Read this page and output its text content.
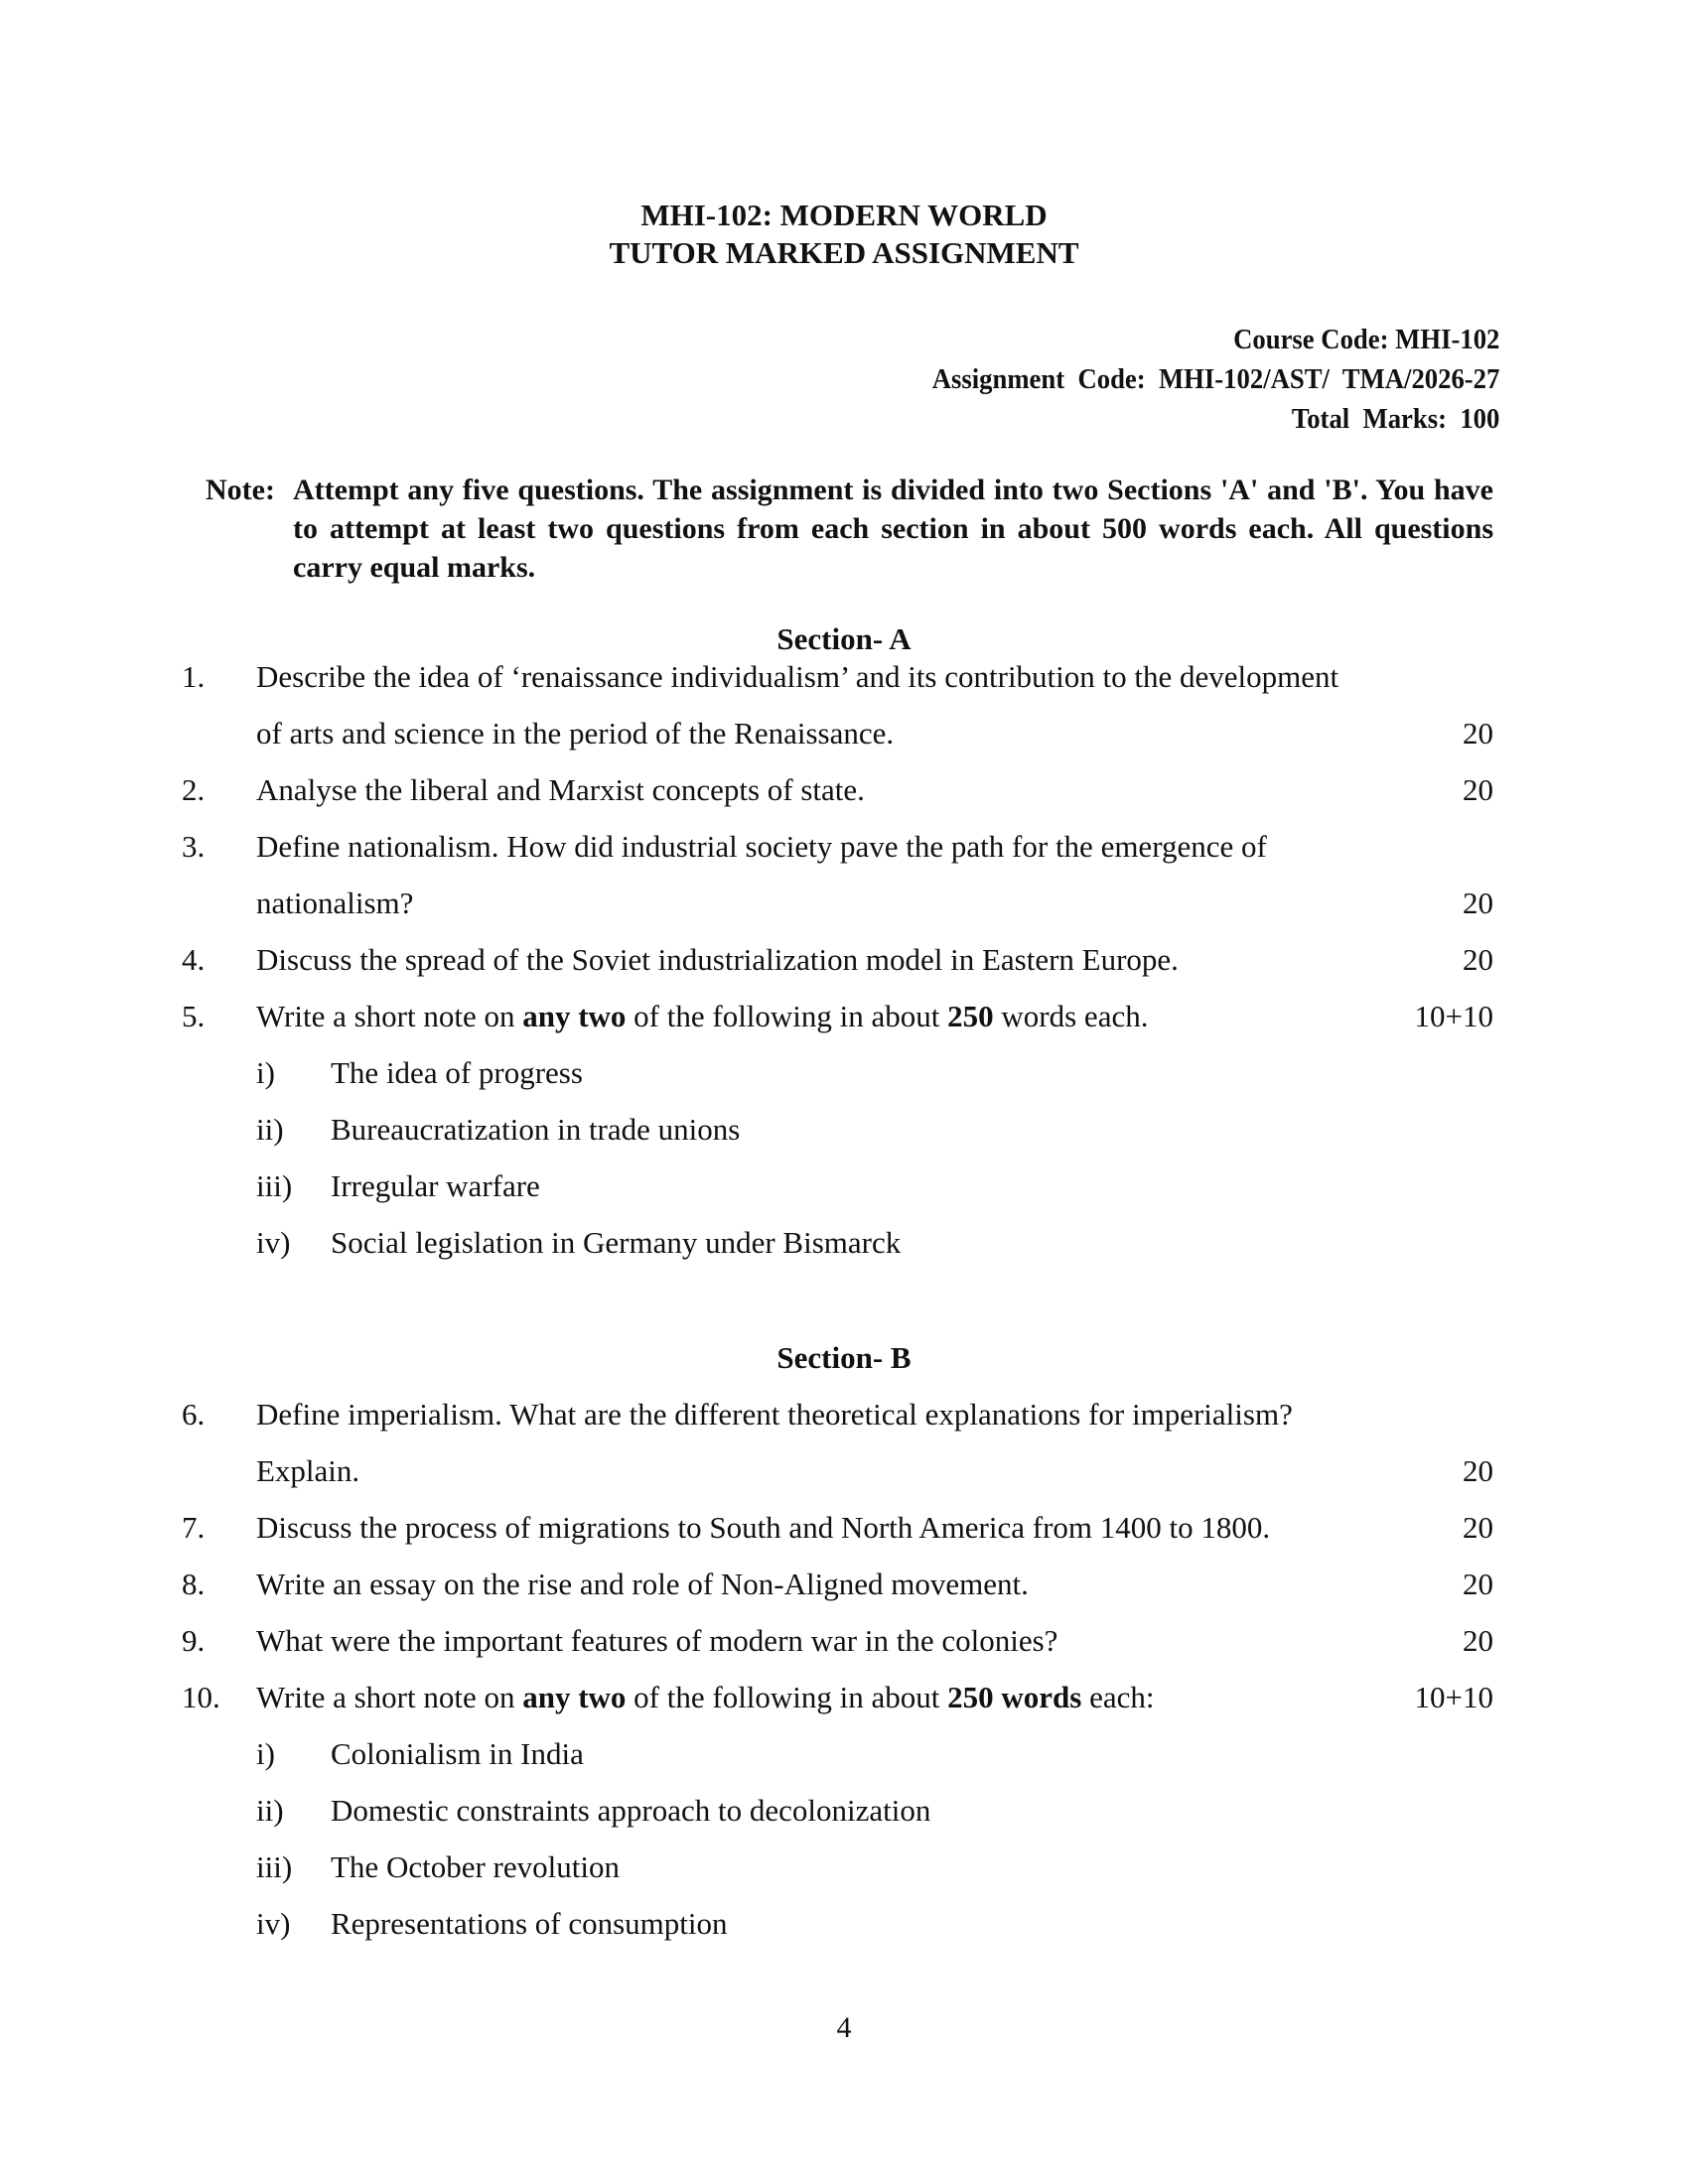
MHI-102: MODERN WORLD
TUTOR MARKED ASSIGNMENT
Course Code: MHI-102
Assignment  Code:  MHI-102/AST/  TMA/2026-27
Total  Marks:  100
Note: Attempt any five questions. The assignment is divided into two Sections 'A' and 'B'. You have to attempt at least two questions from each section in about 500 words each. All questions carry equal marks.
Section- A
1. Describe the idea of ‘renaissance individualism’ and its contribution to the development
of arts and science in the period of the Renaissance.	20
2. Analyse the liberal and Marxist concepts of state.	20
3. Define nationalism. How did industrial society pave the path for the emergence of
nationalism?	20
4. Discuss the spread of the Soviet industrialization model in Eastern Europe.	20
5. Write a short note on any two of the following in about 250 words each.	10+10
i) The idea of progress
ii) Bureaucratization in trade unions
iii) Irregular warfare
iv) Social legislation in Germany under Bismarck
Section- B
6. Define imperialism. What are the different theoretical explanations for imperialism?
Explain.	20
7. Discuss the process of migrations to South and North America from 1400 to 1800.	20
8. Write an essay on the rise and role of Non-Aligned movement.	20
9. What were the important features of modern war in the colonies?	20
10. Write a short note on any two of the following in about 250 words each:	10+10
i) Colonialism in India
ii) Domestic constraints approach to decolonization
iii) The October revolution
iv) Representations of consumption
4
